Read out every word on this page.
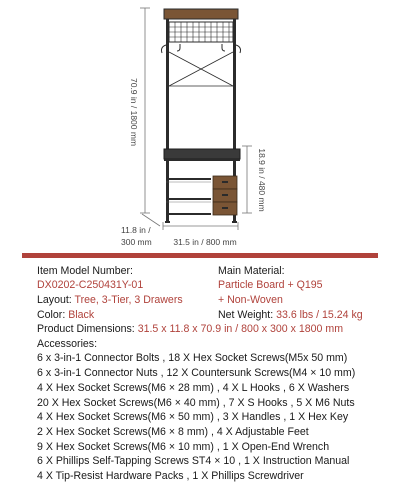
70.9 in / 1800 mm
18.9 in / 480 mm
31.5 in / 800 mm
11.8 in /
300 mm
Item Model Number:	Main Material:
DX0202-C250431Y-01	Particle Board + Q195
Layout: Tree, 3-Tier, 3 Drawers	+ Non-Woven
Color: Black	Net Weight: 33.6 lbs / 15.24 kg
Product Dimensions: 31.5 x 11.8 x 70.9 in / 800 x 300 x 1800 mm
Accessories:
6 x 3-in-1 Connector Bolts , 18 X Hex Socket Screws(M5x 50 mm)
6 x 3-in-1 Connector Nuts , 12 X Countersunk Screws(M4 × 10 mm)
4 X Hex Socket Screws(M6 × 28 mm) , 4 X L Hooks , 6 X Washers
20 X Hex Socket Screws(M6 × 40 mm) , 7 X S Hooks , 5 X M6 Nuts
4 X Hex Socket Screws(M6 × 50 mm) , 3 X Handles , 1 X Hex Key
2 X Hex Socket Screws(M6 × 8 mm) , 4 X Adjustable Feet
9 X Hex Socket Screws(M6 × 10 mm) , 1 X Open-End Wrench
6 X Phillips Self-Tapping Screws ST4 × 10 , 1 X Instruction Manual
4 X Tip-Resist Hardware Packs , 1 X Phillips Screwdriver
